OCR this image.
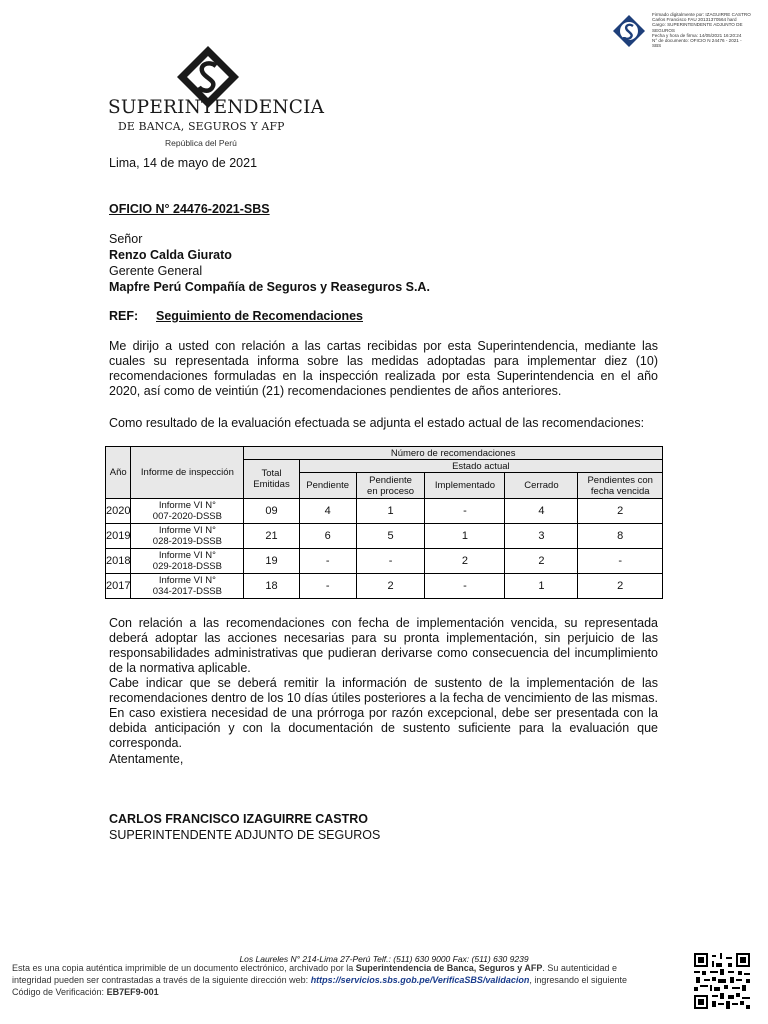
Firmado digitalmente por: IZAGUIRRE CASTRO
Carlos Francisco FAU 20131370564 hard
Cargo: SUPERINTENDENTE ADJUNTO DE
SEGUROS
Fecha y hora de firma: 14/05/2021 16:20:24
N° de documento: OFICIO N 24476 - 2021 -
SBS
SUPERINTENDENCIA
DE BANCA, SEGUROS Y AFP
República del Perú
Lima, 14 de mayo de 2021
OFICIO N° 24476-2021-SBS
Señor
Renzo Calda Giurato
Gerente General
Mapfre Perú Compañía de Seguros y Reaseguros S.A.
REF: Seguimiento de Recomendaciones
Me dirijo a usted con relación a las cartas recibidas por esta Superintendencia, mediante las cuales su representada informa sobre las medidas adoptadas para implementar diez (10) recomendaciones formuladas en la inspección realizada por esta Superintendencia en el año 2020, así como de veintiún (21) recomendaciones pendientes de años anteriores.
Como resultado de la evaluación efectuada se adjunta el estado actual de las recomendaciones:
Año	Informe de inspección	Número de recomendaciones					
		Total Emitidas	Estado actual				
			Pendiente	Pendiente en proceso	Implementado	Cerrado	Pendientes con fecha vencida
2020	Informe VI N°
007-2020-DSSB	09	4	1	-	4	2
2019	Informe VI N°
028-2019-DSSB	21	6	5	1	3	8
2018	Informe VI N°
029-2018-DSSB	19	-	-	2	2	-
2017	Informe VI N°
034-2017-DSSB	18	-	2	-	1	2
Con relación a las recomendaciones con fecha de implementación vencida, su representada deberá adoptar las acciones necesarias para su pronta implementación, sin perjuicio de las responsabilidades administrativas que pudieran derivarse como consecuencia del incumplimiento de la normativa aplicable.
Cabe indicar que se deberá remitir la información de sustento de la implementación de las recomendaciones dentro de los 10 días útiles posteriores a la fecha de vencimiento de las mismas. En caso existiera necesidad de una prórroga por razón excepcional, debe ser presentada con la debida anticipación y con la documentación de sustento suficiente para la evaluación que corresponda.
Atentamente,
CARLOS FRANCISCO IZAGUIRRE CASTRO
SUPERINTENDENTE ADJUNTO DE SEGUROS
Los Laureles N° 214-Lima 27-Perú Telf.: (511) 630 9000 Fax: (511) 630 9239
Esta es una copia auténtica imprimible de un documento electrónico, archivado por la Superintendencia de Banca, Seguros y AFP. Su autenticidad e integridad pueden ser contrastadas a través de la siguiente dirección web: https://servicios.sbs.gob.pe/VerificaSBS/validacion, ingresando el siguiente
Código de Verificación: EB7EF9-001
